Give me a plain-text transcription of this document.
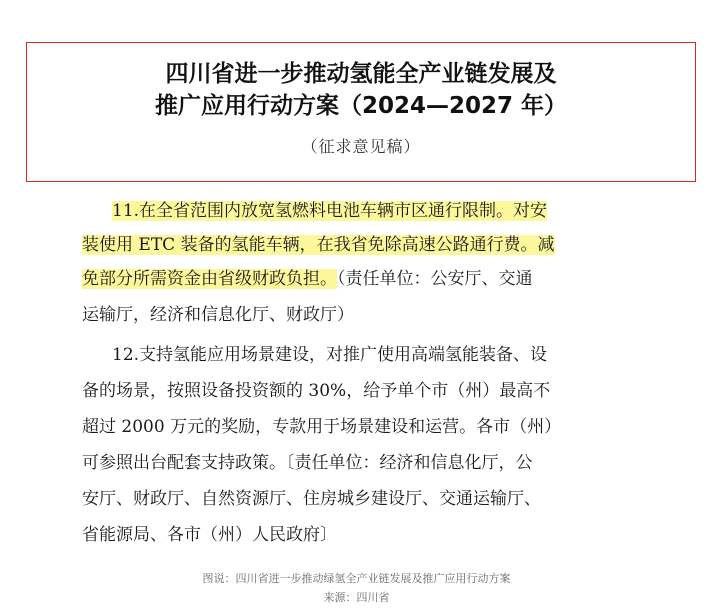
四川省进一步推动氢能全产业链发展及
推广应用行动方案（2024—2027 年）
（征求意见稿）
11.在全省范围内放宽氢燃料电池车辆市区通行限制。对安
装使用 ETC 装备的氢能车辆，在我省免除高速公路通行费。减
免部分所需资金由省级财政负担。（责任单位：公安厅、交通
运输厅，经济和信息化厅、财政厅）
12.支持氢能应用场景建设，对推广使用高端氢能装备、设
备的场景，按照设备投资额的 30%，给予单个市（州）最高不
超过 2000 万元的奖励，专款用于场景建设和运营。各市（州）
可参照出台配套支持政策。〔责任单位：经济和信息化厅，公
安厅、财政厅、自然资源厅、住房城乡建设厅、交通运输厅、
省能源局、各市（州）人民政府〕
图说：四川省进一步推动绿氢全产业链发展及推广应用行动方案
来源：四川省
